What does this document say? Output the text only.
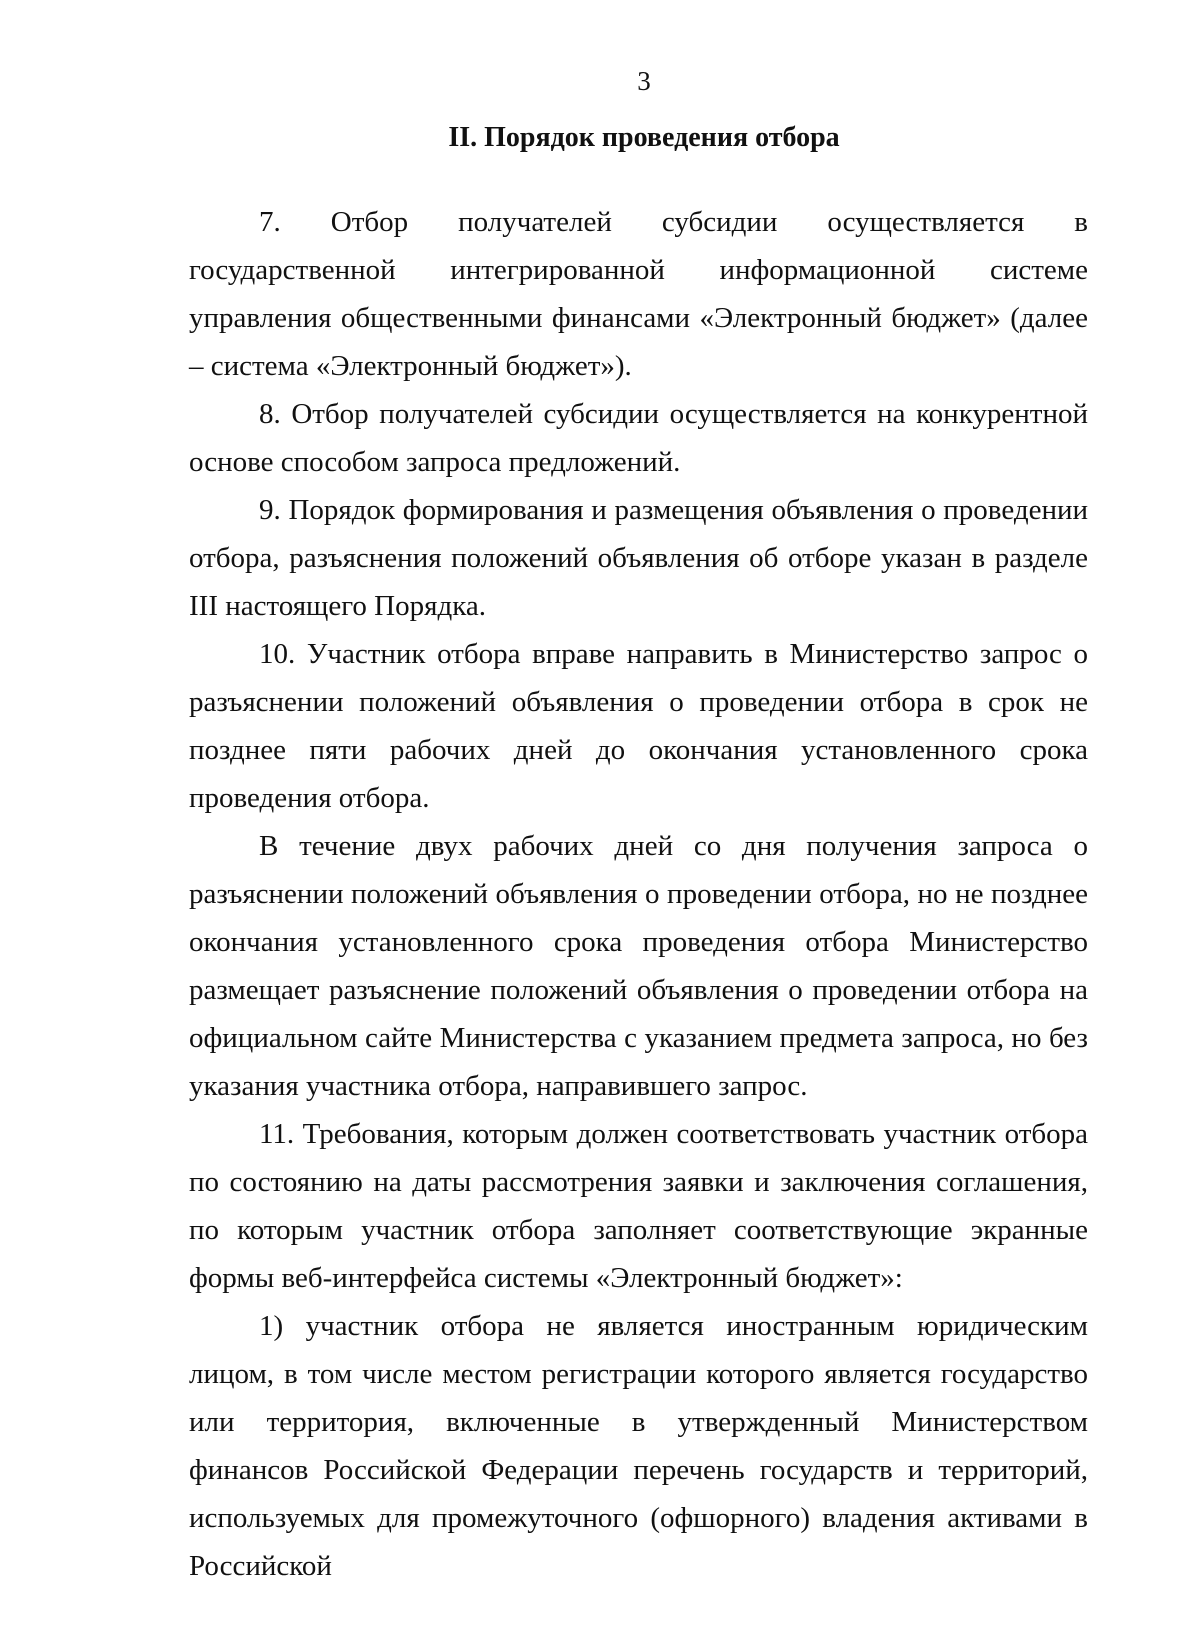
3
II. Порядок проведения отбора

7. Отбор получателей субсидии осуществляется в государственной интегрированной информационной системе управления общественными финансами «Электронный бюджет» (далее – система «Электронный бюджет»).

8. Отбор получателей субсидии осуществляется на конкурентной основе способом запроса предложений.

9. Порядок формирования и размещения объявления о проведении отбора, разъяснения положений объявления об отборе указан в разделе III настоящего Порядка.

10. Участник отбора вправе направить в Министерство запрос о разъяснении положений объявления о проведении отбора в срок не позднее пяти рабочих дней до окончания установленного срока проведения отбора.

В течение двух рабочих дней со дня получения запроса о разъяснении положений объявления о проведении отбора, но не позднее окончания установленного срока проведения отбора Министерство размещает разъяснение положений объявления о проведении отбора на официальном сайте Министерства с указанием предмета запроса, но без указания участника отбора, направившего запрос.

11. Требования, которым должен соответствовать участник отбора по состоянию на даты рассмотрения заявки и заключения соглашения, по которым участник отбора заполняет соответствующие экранные формы веб-интерфейса системы «Электронный бюджет»:

1) участник отбора не является иностранным юридическим лицом, в том числе местом регистрации которого является государство или территория, включенные в утвержденный Министерством финансов Российской Федерации перечень государств и территорий, используемых для промежуточного (офшорного) владения активами в Российской
